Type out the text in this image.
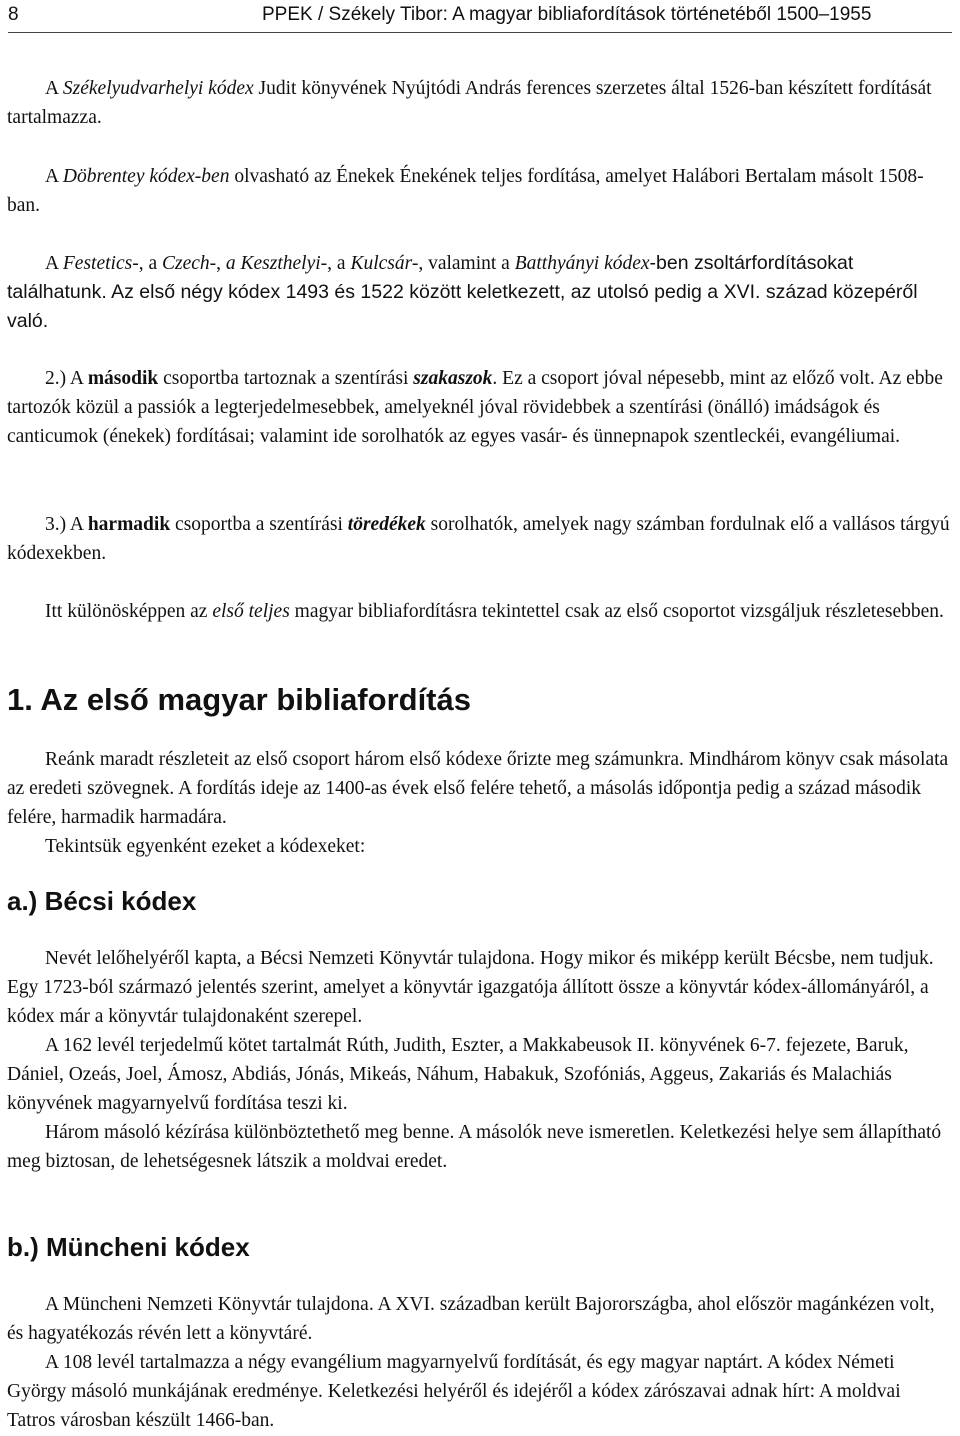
8	PPEK / Székely Tibor: A magyar bibliafordítások történetéből 1500–1955

A Székelyudvarhelyi kódex Judit könyvének Nyújtódi András ferences szerzetes által 1526-ban készített fordítását tartalmazza.

A Döbrentey kódex-ben olvasható az Énekek Énekének teljes fordítása, amelyet Halábori Bertalam másolt 1508-ban.

A Festetics-, a Czech-, a Keszthelyi-, a Kulcsár-, valamint a Batthyányi kódex-ben zsoltárfordításokat találhatunk. Az első négy kódex 1493 és 1522 között keletkezett, az utolsó pedig a XVI. század közepéről való.

2.) A második csoportba tartoznak a szentírási szakaszok. Ez a csoport jóval népesebb, mint az előző volt. Az ebbe tartozók közül a passiók a legterjedelmesebbek, amelyeknél jóval rövidebbek a szentírási (önálló) imádságok és canticumok (énekek) fordításai; valamint ide sorolhatók az egyes vasár- és ünnepnapok szentleckéi, evangéliumai.

3.) A harmadik csoportba a szentírási töredékek sorolhatók, amelyek nagy számban fordulnak elő a vallásos tárgyú kódexekben.

Itt különösképpen az első teljes magyar bibliafordításra tekintettel csak az első csoportot vizsgáljuk részletesebben.

1. Az első magyar bibliafordítás
Reánk maradt részleteit az első csoport három első kódexe őrizte meg számunkra. Mindhárom könyv csak másolata az eredeti szövegnek. A fordítás ideje az 1400-as évek első felére tehető, a másolás időpontja pedig a század második felére, harmadik harmadára.
Tekintsük egyenként ezeket a kódexeket:
a.) Bécsi kódex
Nevét lelőhelyéről kapta, a Bécsi Nemzeti Könyvtár tulajdona. Hogy mikor és miképp került Bécsbe, nem tudjuk. Egy 1723-ból származó jelentés szerint, amelyet a könyvtár igazgatója állított össze a könyvtár kódex-állományáról, a kódex már a könyvtár tulajdonaként szerepel.
A 162 levél terjedelmű kötet tartalmát Rúth, Judith, Eszter, a Makkabeusok II. könyvének 6-7. fejezete, Baruk, Dániel, Ozeás, Joel, Ámosz, Abdiás, Jónás, Mikeás, Náhum, Habakuk, Szofóniás, Aggeus, Zakariás és Malachiás könyvének magyarnyelvű fordítása teszi ki.
Három másoló kézírása különböztethető meg benne. A másolók neve ismeretlen. Keletkezési helye sem állapítható meg biztosan, de lehetségesnek látszik a moldvai eredet.
b.) Müncheni kódex
A Müncheni Nemzeti Könyvtár tulajdona. A XVI. században került Bajorországba, ahol először magánkézen volt, és hagyatékozás révén lett a könyvtáré.
A 108 levél tartalmazza a négy evangélium magyarnyelvű fordítását, és egy magyar naptárt. A kódex Németi György másoló munkájának eredménye. Keletkezési helyéről és idejéről a kódex zárószavai adnak hírt: A moldvai Tatros városban készült 1466-ban.
